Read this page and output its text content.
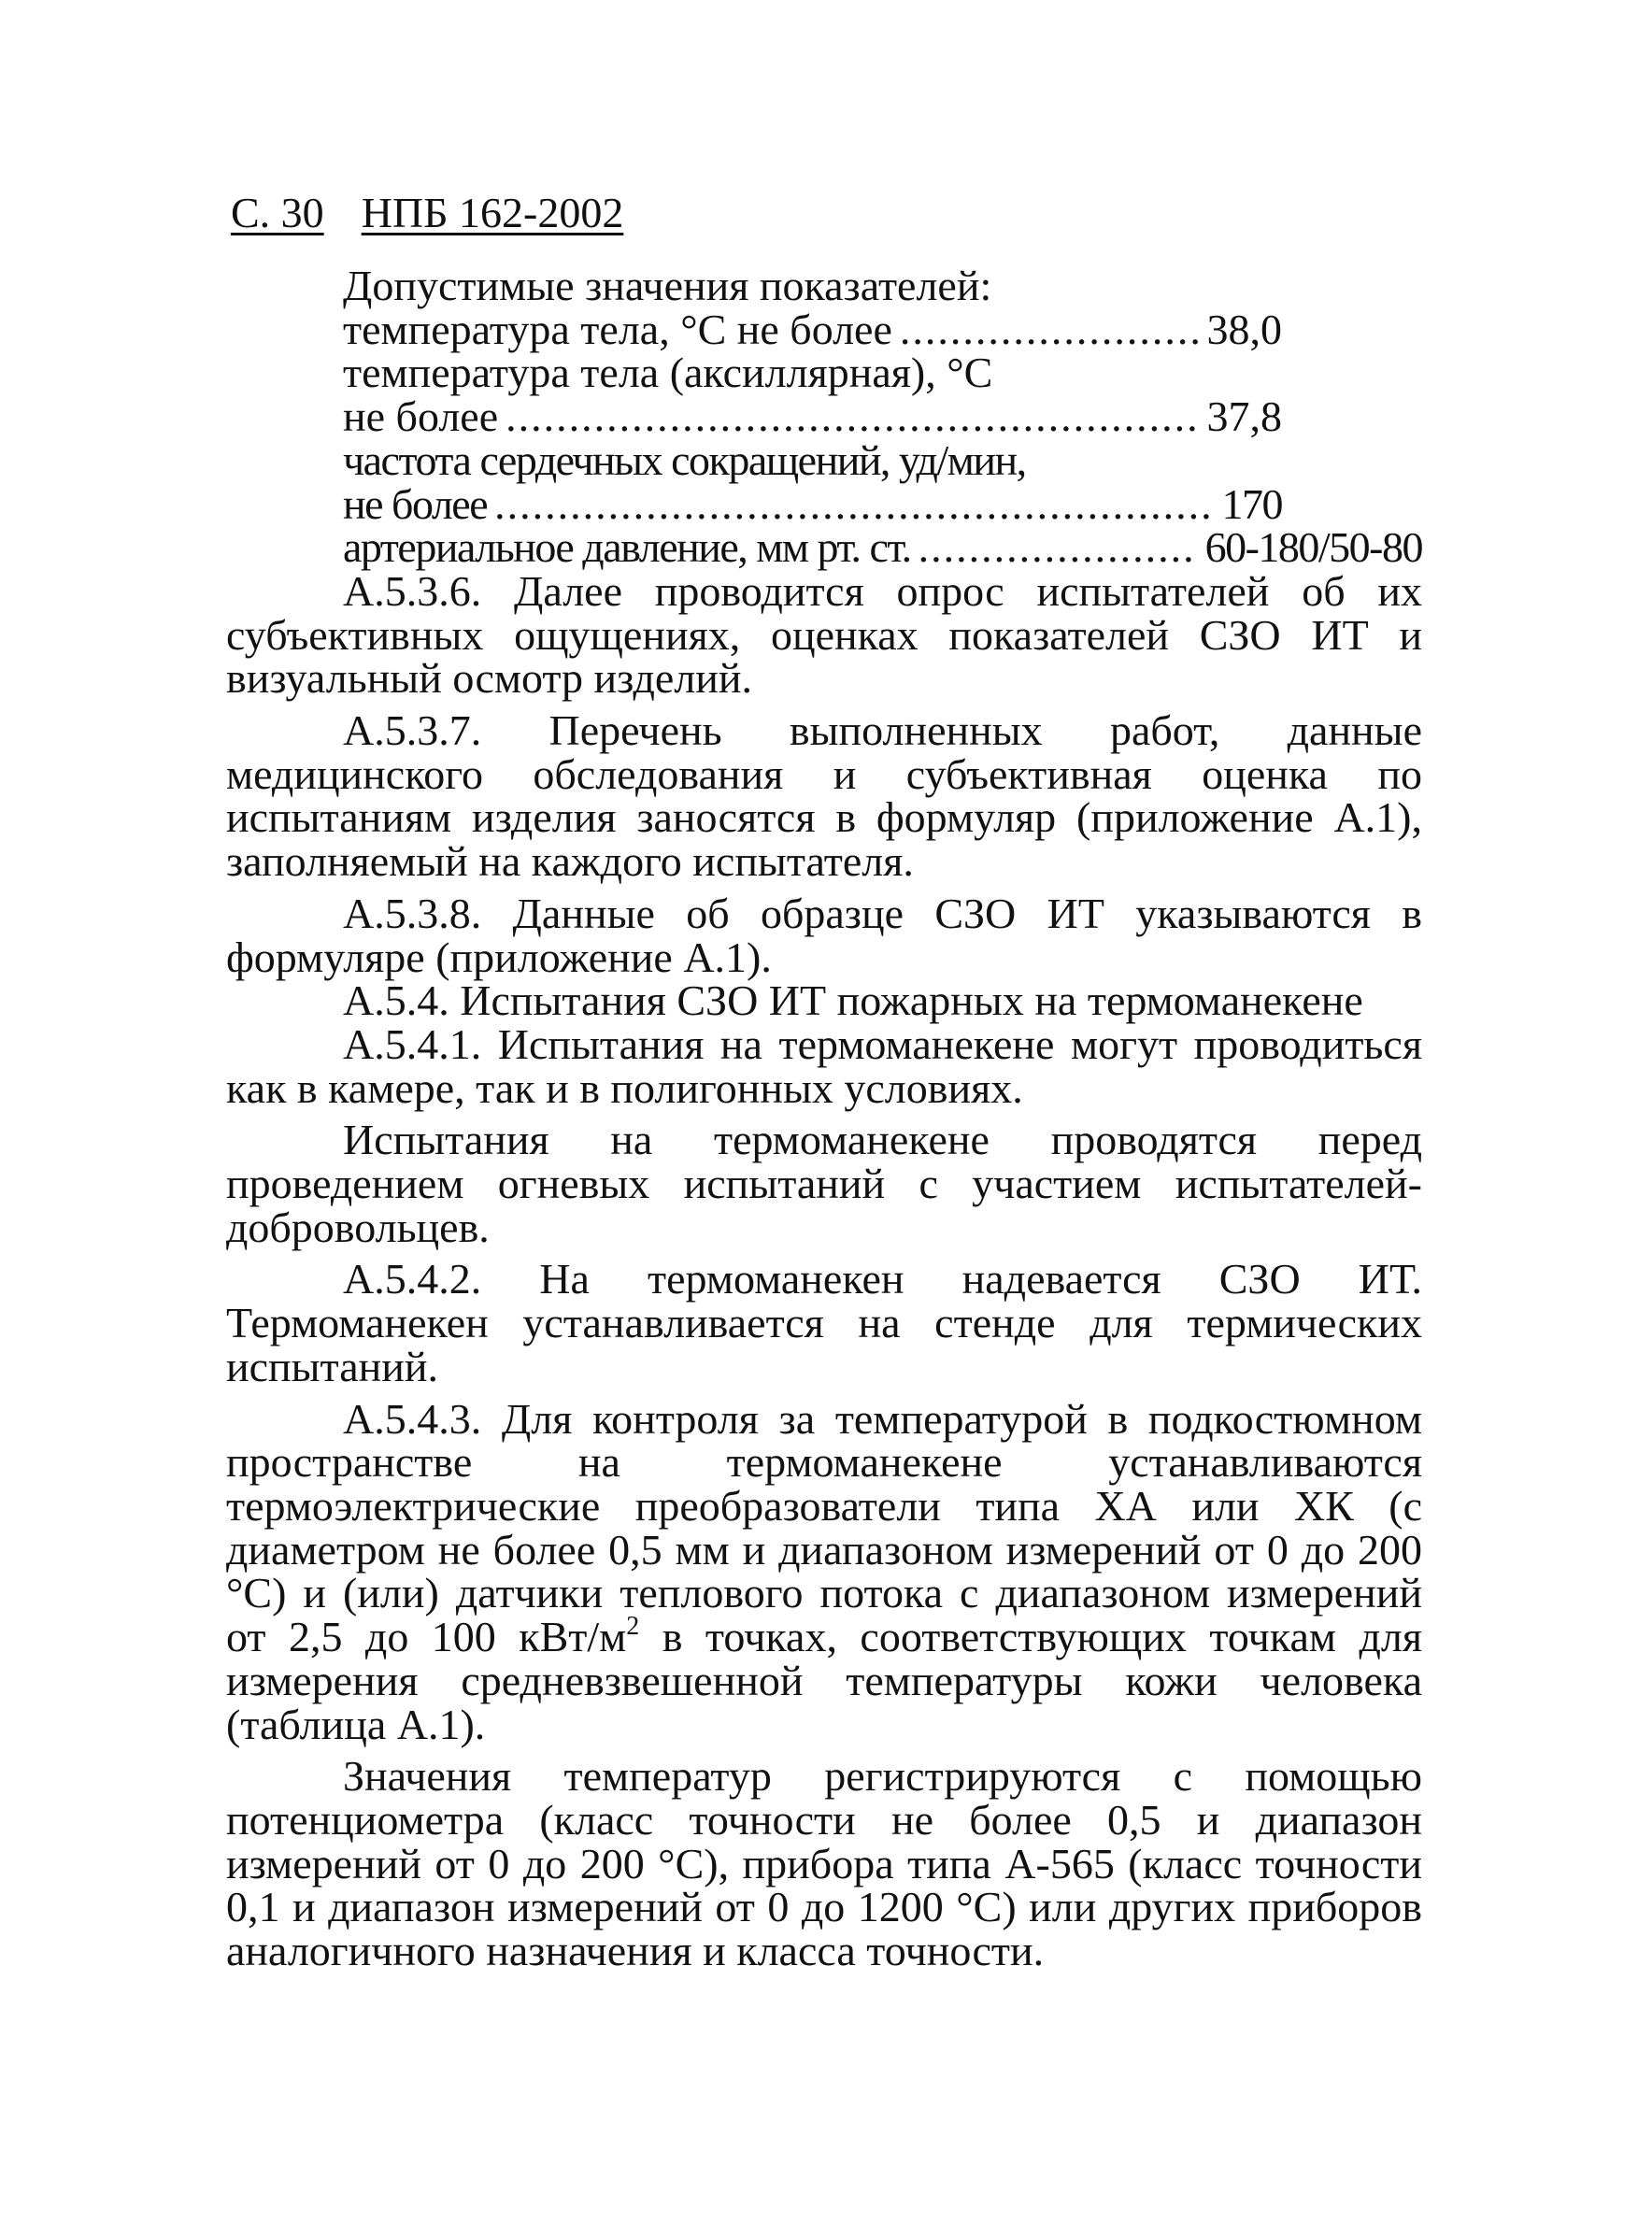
С. 30 НПБ 162-2002
Допустимые значения показателей:
температура тела, °С не более .....	38,0
температура тела (аксиллярная), °С
не более .....	37,8
частота сердечных сокращений, уд/мин,
не более .....	170
артериальное давление, мм рт. ст. .....	60-180/50-80

А.5.3.6. Далее проводится опрос испытателей об их субъективных ощущениях, оценках показателей СЗО ИТ и визуальный осмотр изделий.

А.5.3.7. Перечень выполненных работ, данные медицинского обследования и субъективная оценка по испытаниям изделия заносятся в формуляр (приложение А.1), заполняемый на каждого испытателя.

А.5.3.8. Данные об образце СЗО ИТ указываются в формуляре (приложение А.1).

А.5.4. Испытания СЗО ИТ пожарных на термоманекене

А.5.4.1. Испытания на термоманекене могут проводиться как в камере, так и в полигонных условиях.

Испытания на термоманекене проводятся перед проведением огневых испытаний с участием испытателей-добровольцев.

А.5.4.2. На термоманекен надевается СЗО ИТ. Термоманекен устанавливается на стенде для термических испытаний.

А.5.4.3. Для контроля за температурой в подкостюмном пространстве на термоманекене устанавливаются термоэлектрические преобразователи типа ХА или ХК (с диаметром не более 0,5 мм и диапазоном измерений от 0 до 200 °С) и (или) датчики теплового потока с диапазоном измерений от 2,5 до 100 кВт/$м^2$ в точках, соответствующих точкам для измерения средневзвешенной температуры кожи человека (таблица А.1).

Значения температур регистрируются с помощью потенциометра (класс точности не более 0,5 и диапазон измерений от 0 до 200 °С), прибора типа А-565 (класс точности 0,1 и диапазон измерений от 0 до 1200 °С) или других приборов аналогичного назначения и класса точности.
